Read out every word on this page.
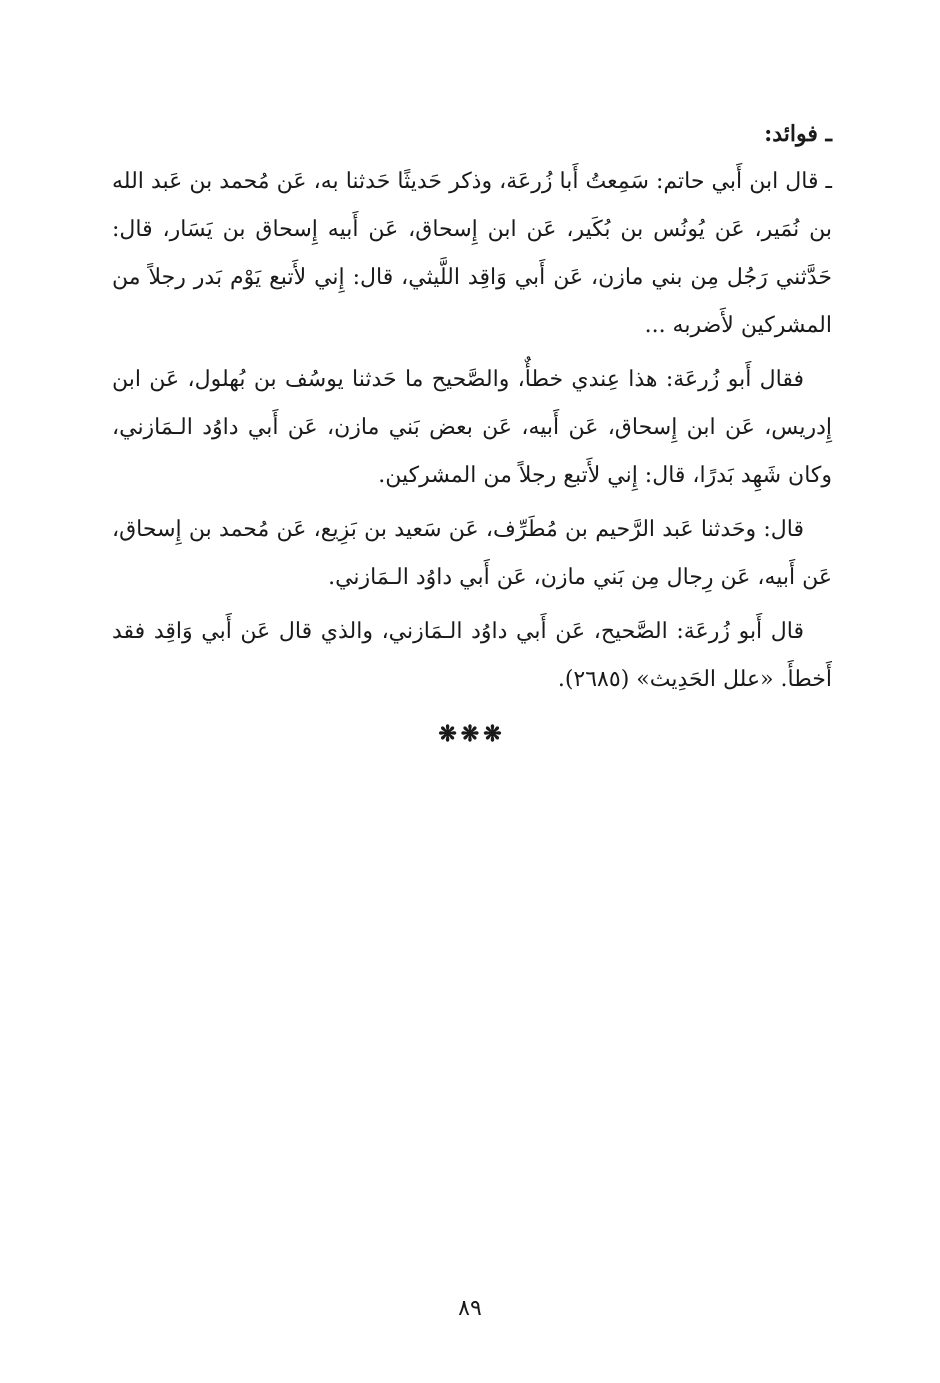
ـ فوائد:

ـ قال ابن أَبي حاتم: سَمِعتُ أَبا زُرعَة، وذكر حَديثًا حَدثنا به، عَن مُحمد بن عَبد الله بن نُمَير، عَن يُونُس بن بُكَير، عَن ابن إِسحاق، عَن أَبيه إِسحاق بن يَسَار، قال: حَدَّثني رَجُل مِن بني مازن، عَن أَبي وَاقِد اللَّيثي، قال: إِني لأَتبع يَوْم بَدر رجلاً من المشركين لأَضربه ...

فقال أَبو زُرعَة: هذا عِندي خطأٌ، والصَّحيح ما حَدثنا يوسُف بن بُهلول، عَن ابن إِدريس، عَن ابن إِسحاق، عَن أَبيه، عَن بعض بَني مازن، عَن أَبي داوُد الـمَازني، وكان شَهِد بَدرًا، قال: إِني لأَتبع رجلاً من المشركين.

قال: وحَدثنا عَبد الرَّحيم بن مُطَرِّف، عَن سَعيد بن بَزِيع، عَن مُحمد بن إِسحاق، عَن أَبيه، عَن رِجال مِن بَني مازن، عَن أَبي داوُد الـمَازني.

قال أَبو زُرعَة: الصَّحيح، عَن أَبي داوُد الـمَازني، والذي قال عَن أَبي وَاقِد فقد أَخطأَ. «علل الحَدِيث» (٢٦٨٥).

❋❋❋
٨٩
